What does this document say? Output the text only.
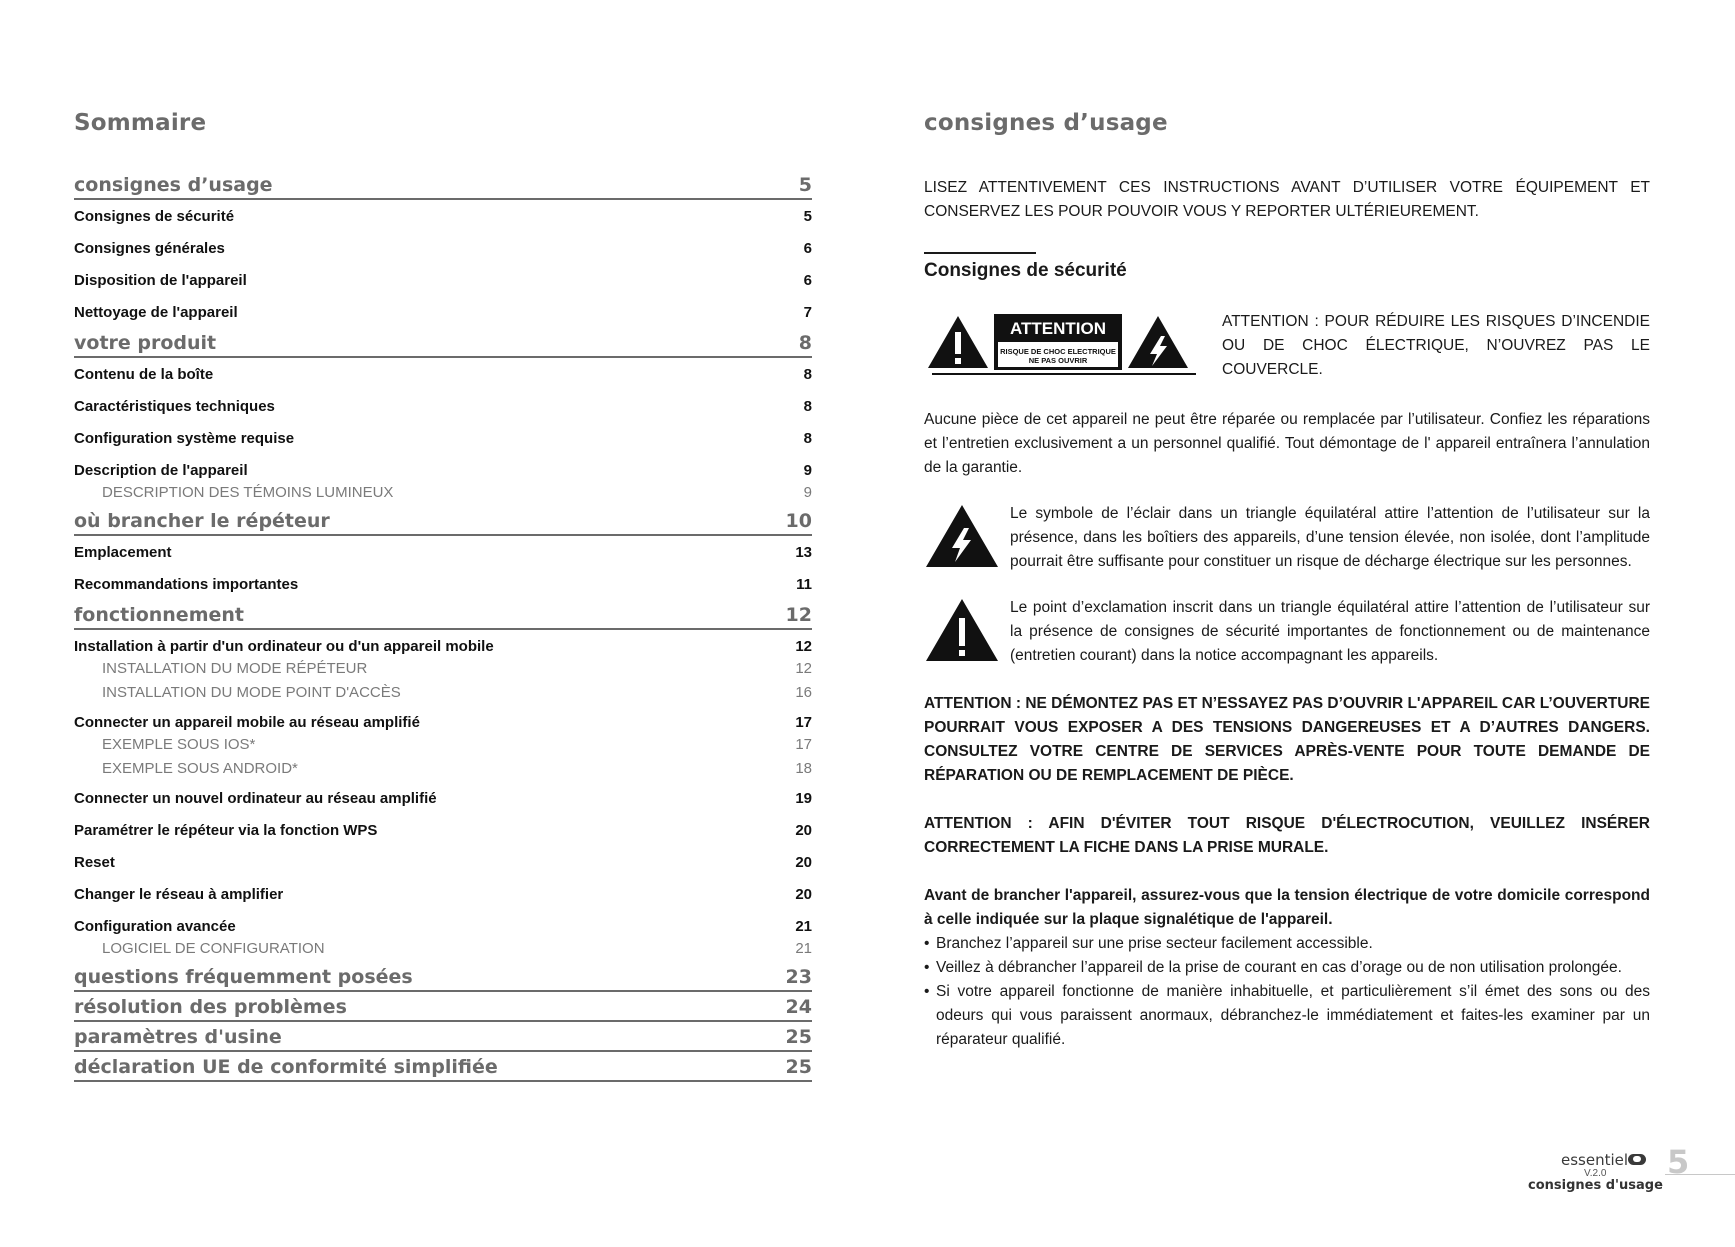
Sommaire
consignes d’usage	5
Consignes de sécurité	5
Consignes générales	6
Disposition de l'appareil	6
Nettoyage de l'appareil	7
votre produit	8
Contenu de la boîte	8
Caractéristiques techniques	8
Configuration système requise	8
Description de l'appareil	9
DESCRIPTION DES TÉMOINS LUMINEUX	9
où brancher le répéteur	10
Emplacement	13
Recommandations importantes	11
fonctionnement	12
Installation à partir d'un ordinateur ou d'un appareil mobile	12
INSTALLATION DU MODE RÉPÉTEUR	12
INSTALLATION DU MODE POINT D'ACCÈS	16
Connecter un appareil mobile au réseau amplifié	17
EXEMPLE SOUS IOS*	17
EXEMPLE SOUS ANDROID*	18
Connecter un nouvel ordinateur au réseau amplifié	19
Paramétrer le répéteur via la fonction WPS	20
Reset	20
Changer le réseau à amplifier	20
Configuration avancée	21
LOGICIEL DE CONFIGURATION	21
questions fréquemment posées	23
résolution des problèmes	24
paramètres d'usine	25
déclaration UE de conformité simplifiée	25
consignes d’usage
LISEZ ATTENTIVEMENT CES INSTRUCTIONS AVANT D’UTILISER VOTRE ÉQUIPEMENT ET CONSERVEZ LES POUR POUVOIR VOUS Y REPORTER ULTÉRIEUREMENT.
Consignes de sécurité
ATTENTION
RISQUE DE CHOC ELECTRIQUE
NE PAS OUVRIR
ATTENTION : POUR RÉDUIRE LES RISQUES D’INCENDIE OU DE CHOC ÉLECTRIQUE, N’OUVREZ PAS LE COUVERCLE.
Aucune pièce de cet appareil ne peut être réparée ou remplacée par l’utilisateur. Confiez les réparations et l’entretien exclusivement a un personnel qualifié. Tout démontage de l' appareil entraînera l’annulation de la garantie.
Le symbole de l’éclair dans un triangle équilatéral attire l’attention de l’utilisateur sur la présence, dans les boîtiers des appareils, d’une tension élevée, non isolée, dont l’amplitude pourrait être suffisante pour constituer un risque de décharge électrique sur les personnes.
Le point d’exclamation inscrit dans un triangle équilatéral attire l’attention de l’utilisateur sur la présence de consignes de sécurité importantes de fonctionnement ou de maintenance (entretien courant) dans la notice accompagnant les appareils.
ATTENTION : NE DÉMONTEZ PAS ET N’ESSAYEZ PAS D’OUVRIR L'APPAREIL CAR L’OUVERTURE POURRAIT VOUS EXPOSER A DES TENSIONS DANGEREUSES ET A D’AUTRES DANGERS. CONSULTEZ VOTRE CENTRE DE SERVICES APRÈS-VENTE POUR TOUTE DEMANDE DE RÉPARATION OU DE REMPLACEMENT DE PIÈCE.
ATTENTION : AFIN D'ÉVITER TOUT RISQUE D'ÉLECTROCUTION, VEUILLEZ INSÉRER CORRECTEMENT LA FICHE DANS LA PRISE MURALE.
Avant de brancher l'appareil, assurez-vous que la tension électrique de votre domicile correspond à celle indiquée sur la plaque signalétique de l'appareil.
• Branchez l’appareil sur une prise secteur facilement accessible.
• Veillez à débrancher l’appareil de la prise de courant en cas d’orage ou de non utilisation prolongée.
• Si votre appareil fonctionne de manière inhabituelle, et particulièrement s’il émet des sons ou des odeurs qui vous paraissent anormaux, débranchez-le immédiatement et faites-les examiner par un réparateur qualifié.
essentiel
V.2.0
consignes d'usage
5
